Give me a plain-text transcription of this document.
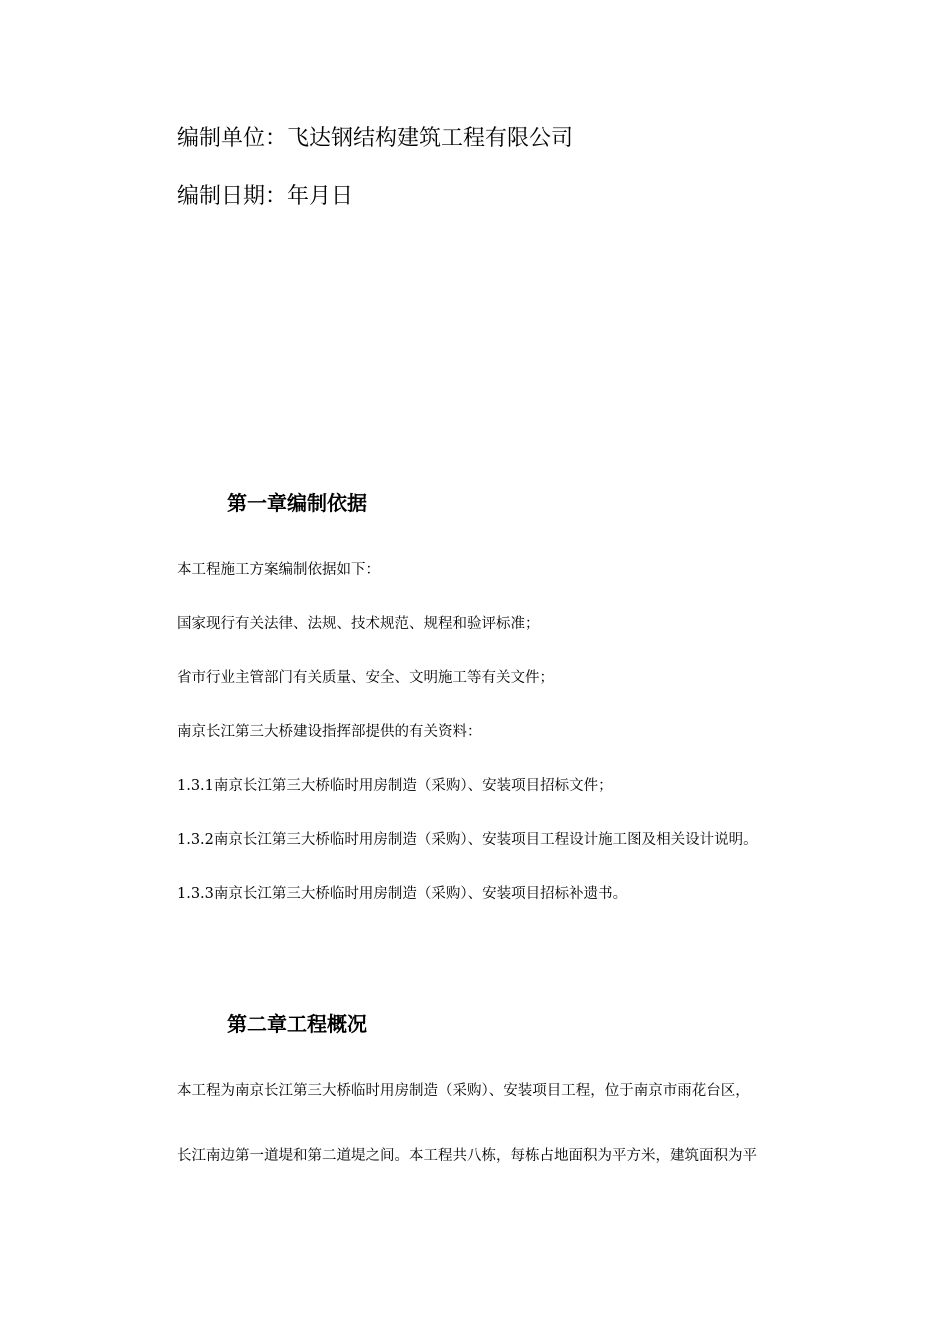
编制单位：飞达钢结构建筑工程有限公司
编制日期：年月日
第一章编制依据
本工程施工方案编制依据如下：
国家现行有关法律、法规、技术规范、规程和验评标准；
省市行业主管部门有关质量、安全、文明施工等有关文件；
南京长江第三大桥建设指挥部提供的有关资料：
1.3.1南京长江第三大桥临时用房制造（采购）、安装项目招标文件；
1.3.2南京长江第三大桥临时用房制造（采购）、安装项目工程设计施工图及相关设计说明。
1.3.3南京长江第三大桥临时用房制造（采购）、安装项目招标补遗书。
第二章工程概况
本工程为南京长江第三大桥临时用房制造（采购）、安装项目工程，位于南京市雨花台区，
长江南边第一道堤和第二道堤之间。本工程共八栋，每栋占地面积为平方米，建筑面积为平
